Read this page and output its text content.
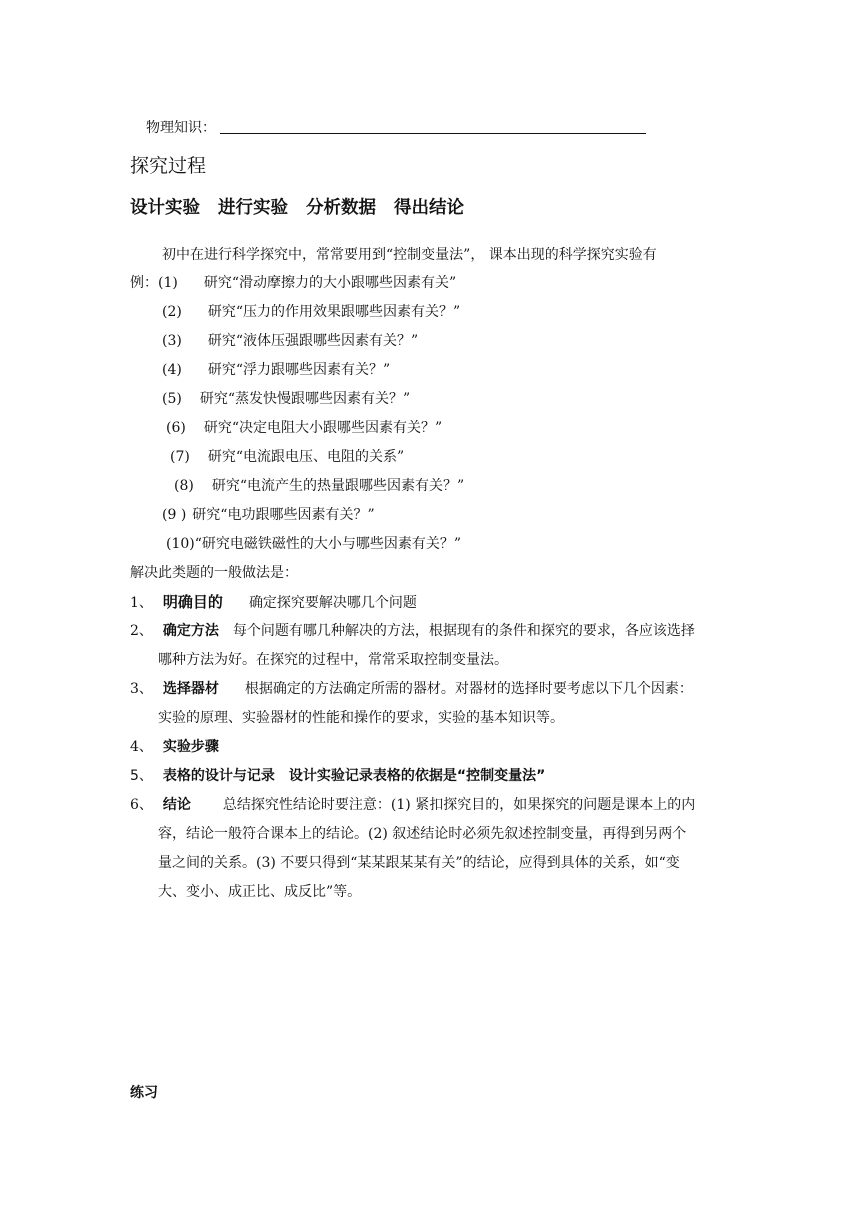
物理知识：
探究过程
设计实验 进行实验 分析数据 得出结论
初中在进行科学探究中，常常要用到“控制变量法”， 课本出现的科学探究实验有
例：(1) 研究“滑动摩擦力的大小跟哪些因素有关”
(2) 研究“压力的作用效果跟哪些因素有关？”
(3) 研究“液体压强跟哪些因素有关？”
(4) 研究“浮力跟哪些因素有关？”
(5) 研究“蒸发快慢跟哪些因素有关？”
(6) 研究“决定电阻大小跟哪些因素有关？”
(7) 研究“电流跟电压、电阻的关系”
(8) 研究“电流产生的热量跟哪些因素有关？”
(9 ) 研究“电功跟哪些因素有关？”
(10)“研究电磁铁磁性的大小与哪些因素有关？”
解决此类题的一般做法是：
1、 明确目的 确定探究要解决哪几个问题
2、 确定方法 每个问题有哪几种解决的方法，根据现有的条件和探究的要求，各应该选择
哪种方法为好。在探究的过程中，常常采取控制变量法。
3、 选择器材 根据确定的方法确定所需的器材。对器材的选择时要考虑以下几个因素：
实验的原理、实验器材的性能和操作的要求，实验的基本知识等。
4、 实验步骤
5、 表格的设计与记录 设计实验记录表格的依据是“控制变量法”
6、 结论 总结探究性结论时要注意：(1) 紧扣探究目的，如果探究的问题是课本上的内
容，结论一般符合课本上的结论。(2) 叙述结论时必须先叙述控制变量，再得到另两个
量之间的关系。(3) 不要只得到“某某跟某某有关”的结论，应得到具体的关系，如“变
大、变小、成正比、成反比”等。
练习
